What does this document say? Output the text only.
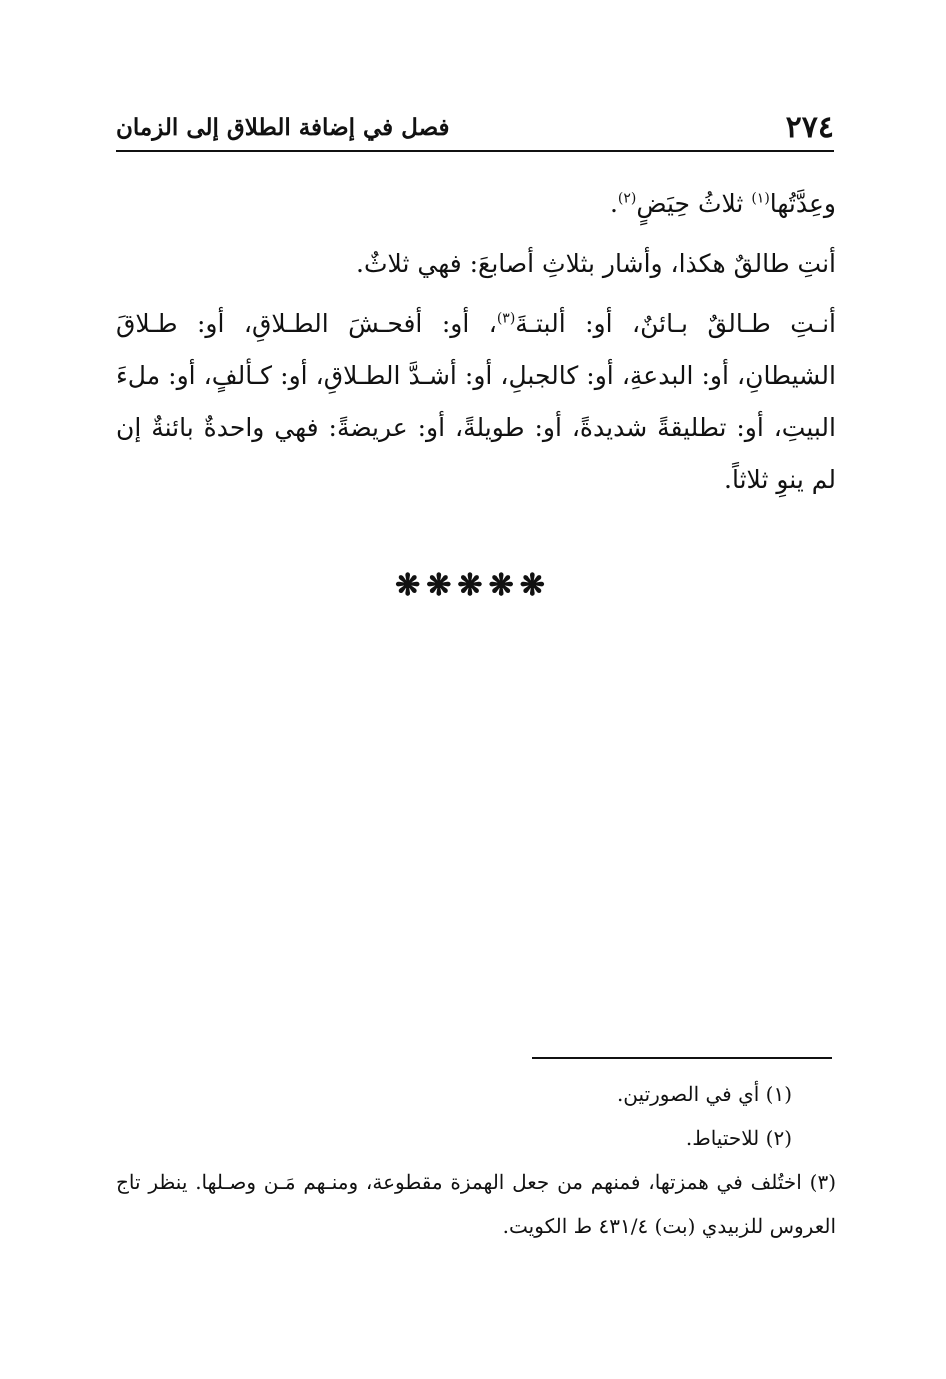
٢٧٤
فصل في إضافة الطلاق إلى الزمان

وعِدَّتُها$^{(١)}$ ثلاثُ حِيَضٍ$^{(٢)}$.

أنتِ طالقٌ هكذا، وأشار بثلاثِ أصابعَ: فهي ثلاثٌ.

أنـتِ طـالقٌ بـائنٌ، أو: ألبتـةَ$^{(٣)}$، أو: أفحـشَ الطـلاقِ، أو: طـلاقَ الشيطانِ، أو: البدعةِ، أو: كالجبلِ، أو: أشـدَّ الطـلاقِ، أو: كـألفٍ، أو: ملءَ البيتِ، أو: تطليقةً شديدةً، أو: طويلةً، أو: عريضةً: فهي واحدةٌ بائنةٌ إن لم ينوِ ثلاثاً.

❋❋❋❋❋

(١) أي في الصورتين.

(٢) للاحتياط.

(٣) اختُلف في همزتها، فمنهم من جعل الهمزة مقطوعة، ومنـهم مَـن وصـلها. ينظر تاج العروس للزبيدي (بت) ٤٣١/٤ ط الكويت.
